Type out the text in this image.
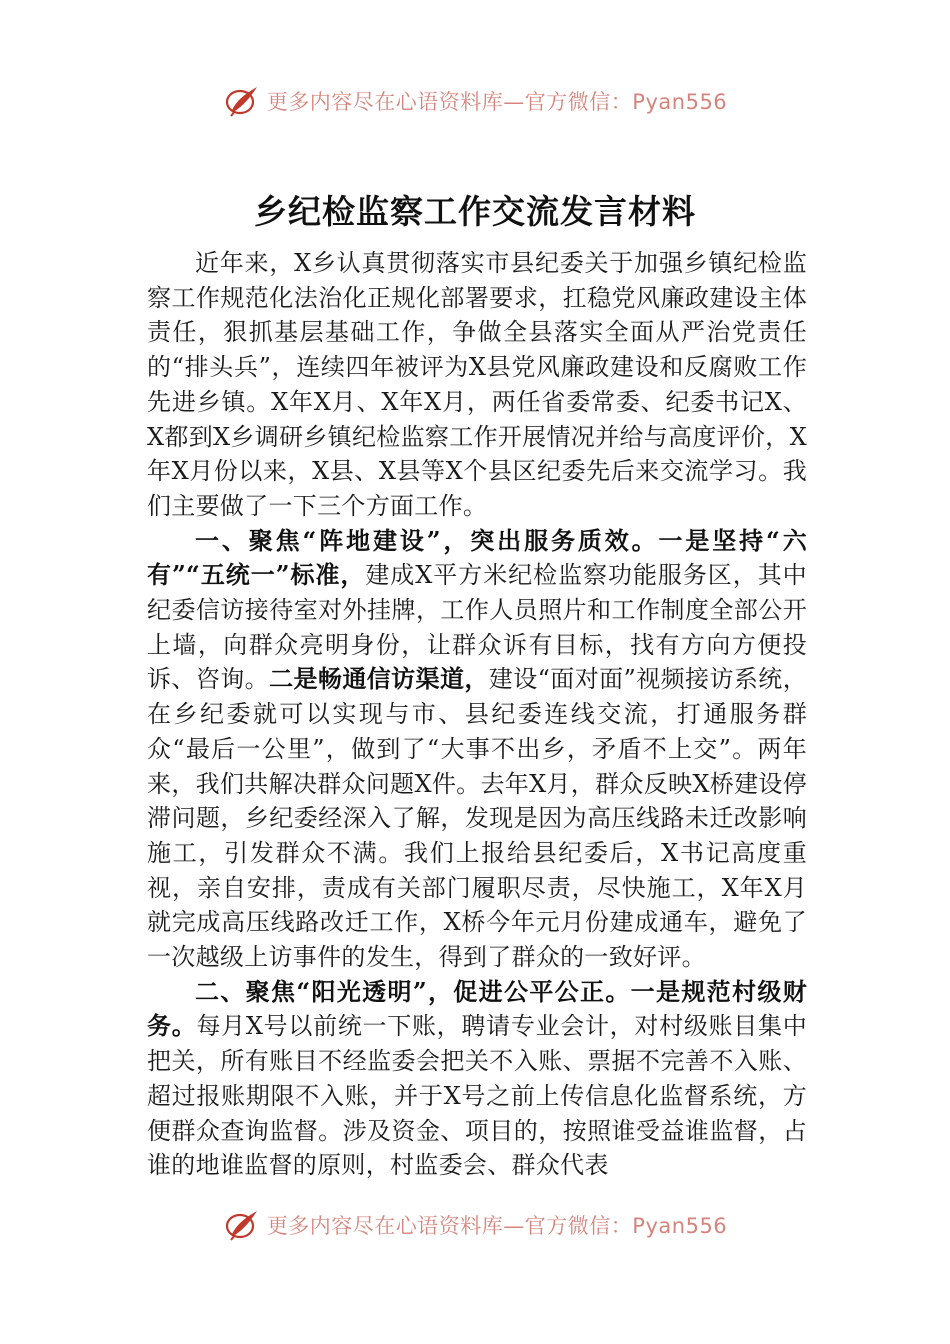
更多内容尽在心语资料库—官方微信：Pyan556
乡纪检监察工作交流发言材料

近年来，X乡认真贯彻落实市县纪委关于加强乡镇纪检监察工作规范化法治化正规化部署要求，扛稳党风廉政建设主体责任，狠抓基层基础工作，争做全县落实全面从严治党责任的“排头兵”，连续四年被评为X县党风廉政建设和反腐败工作先进乡镇。X年X月、X年X月，两任省委常委、纪委书记X、X都到X乡调研乡镇纪检监察工作开展情况并给与高度评价，X年X月份以来，X县、X县等X个县区纪委先后来交流学习。我们主要做了一下三个方面工作。

一、聚焦“阵地建设”，突出服务质效。一是坚持“六有”“五统一”标准，建成X平方米纪检监察功能服务区，其中纪委信访接待室对外挂牌，工作人员照片和工作制度全部公开上墙，向群众亮明身份，让群众诉有目标，找有方向方便投诉、咨询。二是畅通信访渠道，建设“面对面”视频接访系统，在乡纪委就可以实现与市、县纪委连线交流，打通服务群众“最后一公里”，做到了“大事不出乡，矛盾不上交”。两年来，我们共解决群众问题X件。去年X月，群众反映X桥建设停滞问题，乡纪委经深入了解，发现是因为高压线路未迁改影响施工，引发群众不满。我们上报给县纪委后，X书记高度重视，亲自安排，责成有关部门履职尽责，尽快施工，X年X月就完成高压线路改迁工作，X桥今年元月份建成通车，避免了一次越级上访事件的发生，得到了群众的一致好评。

二、聚焦“阳光透明”，促进公平公正。一是规范村级财务。每月X号以前统一下账，聘请专业会计，对村级账目集中把关，所有账目不经监委会把关不入账、票据不完善不入账、超过报账期限不入账，并于X号之前上传信息化监督系统，方便群众查询监督。涉及资金、项目的，按照谁受益谁监督，占谁的地谁监督的原则，村监委会、群众代表

更多内容尽在心语资料库—官方微信：Pyan556
